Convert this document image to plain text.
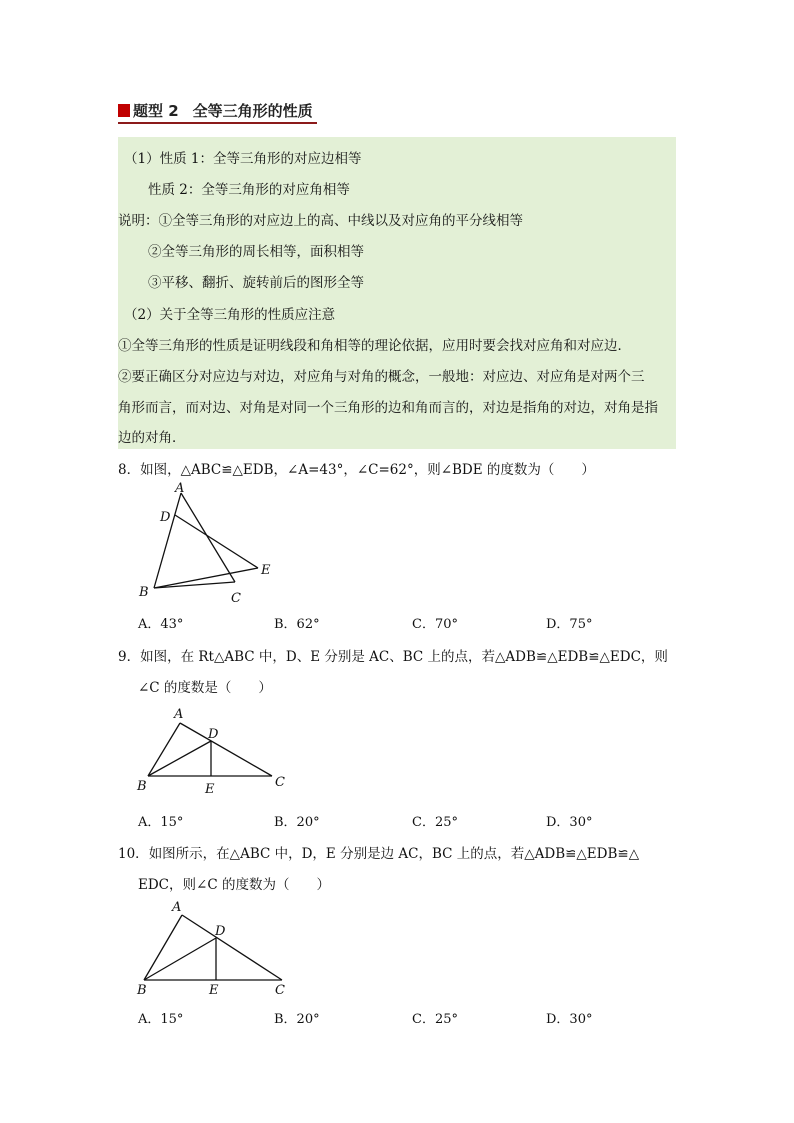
题型 2 全等三角形的性质
（1）性质 1：全等三角形的对应边相等
性质 2：全等三角形的对应角相等
说明：①全等三角形的对应边上的高、中线以及对应角的平分线相等
②全等三角形的周长相等，面积相等
③平移、翻折、旋转前后的图形全等
（2）关于全等三角形的性质应注意
①全等三角形的性质是证明线段和角相等的理论依据，应用时要会找对应角和对应边．
②要正确区分对应边与对边，对应角与对角的概念，一般地：对应边、对应角是对两个三
角形而言，而对边、对角是对同一个三角形的边和角而言的，对边是指角的对边，对角是指
边的对角．
8．如图，△ABC≌△EDB，∠A=43°，∠C=62°，则∠BDE 的度数为（　　）
A
D
E
B	C
A．43°	B．62°	C．70°	D．75°
9．如图，在 Rt△ABC 中，D、E 分别是 AC、BC 上的点，若△ADB≌△EDB≌△EDC，则
∠C 的度数是（　　）
A
D
E
B	C
A．15°	B．20°	C．25°	D．30°
10．如图所示，在△ABC 中，D，E 分别是边 AC，BC 上的点，若△ADB≌△EDB≌△
EDC，则∠C 的度数为（　　）
A
D
E
B	C
A．15°	B．20°	C．25°	D．30°
